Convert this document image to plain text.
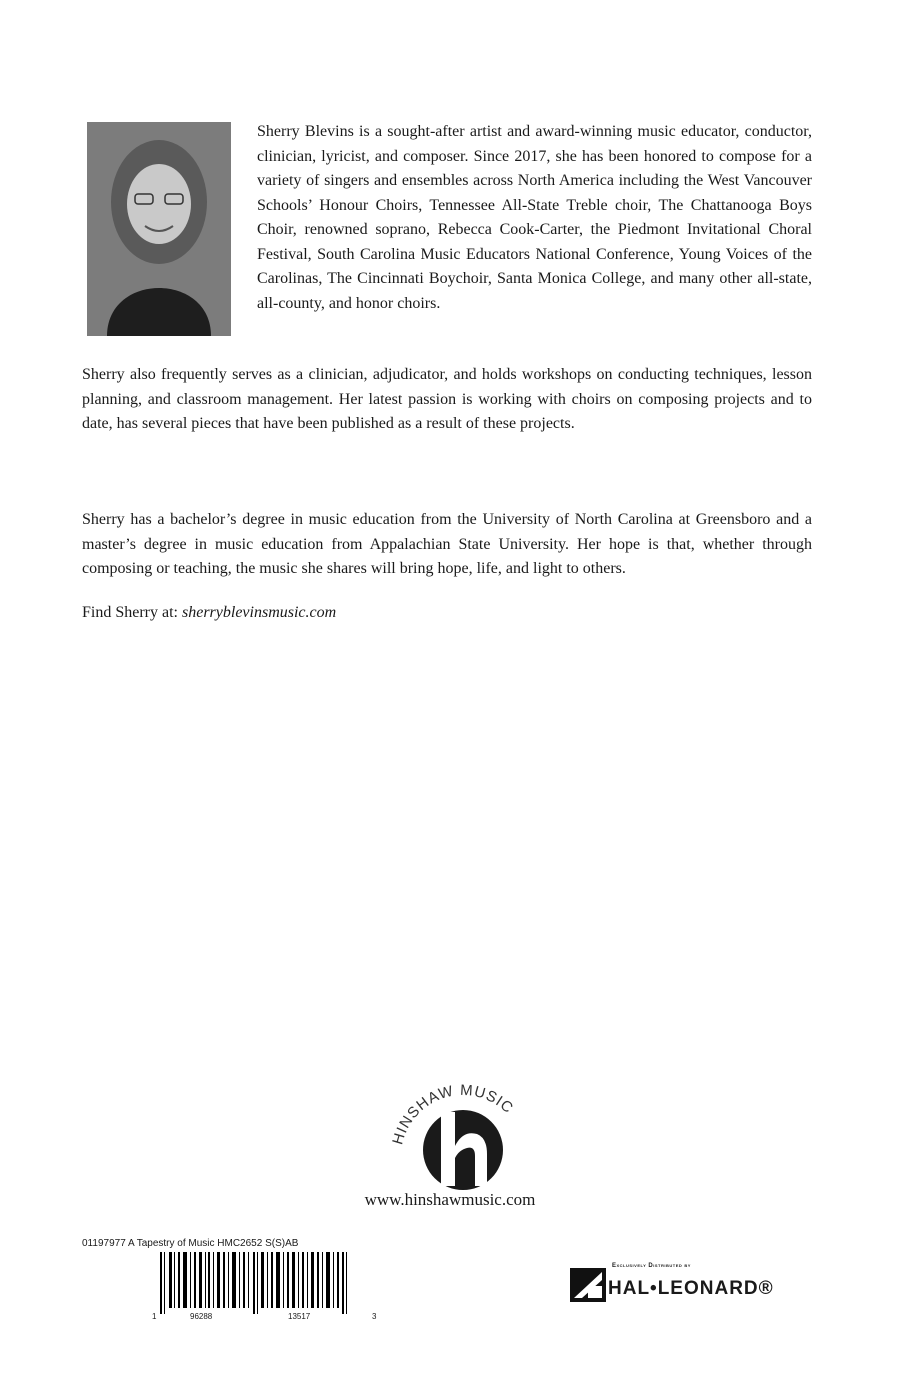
Sherry Blevins is a sought-after artist and award-winning music educator, conductor, clinician, lyricist, and composer. Since 2017, she has been honored to compose for a variety of singers and ensembles across North America including the West Vancouver Schools’ Honour Choirs, Tennessee All-State Treble choir, The Chattanooga Boys Choir, renowned soprano, Rebecca Cook-Carter, the Piedmont Invitational Choral Festival, South Carolina Music Educators National Conference, Young Voices of the Carolinas, The Cincinnati Boychoir, Santa Monica College, and many other all-state, all-county, and honor choirs.
Sherry also frequently serves as a clinician, adjudicator, and holds workshops on conducting techniques, lesson planning, and classroom management. Her latest passion is working with choirs on composing projects and to date, has several pieces that have been published as a result of these projects.
Sherry has a bachelor’s degree in music education from the University of North Carolina at Greensboro and a master’s degree in music education from Appalachian State University. Her hope is that, whether through composing or teaching, the music she shares will bring hope, life, and light to others.
Find Sherry at: sherryblevinsmusic.com
HINSHAW MUSIC
www.hinshawmusic.com
01197977 A Tapestry of Music HMC2652 S(S)AB
1	96288	13517	3
Exclusively Distributed by
HAL•LEONARD®
